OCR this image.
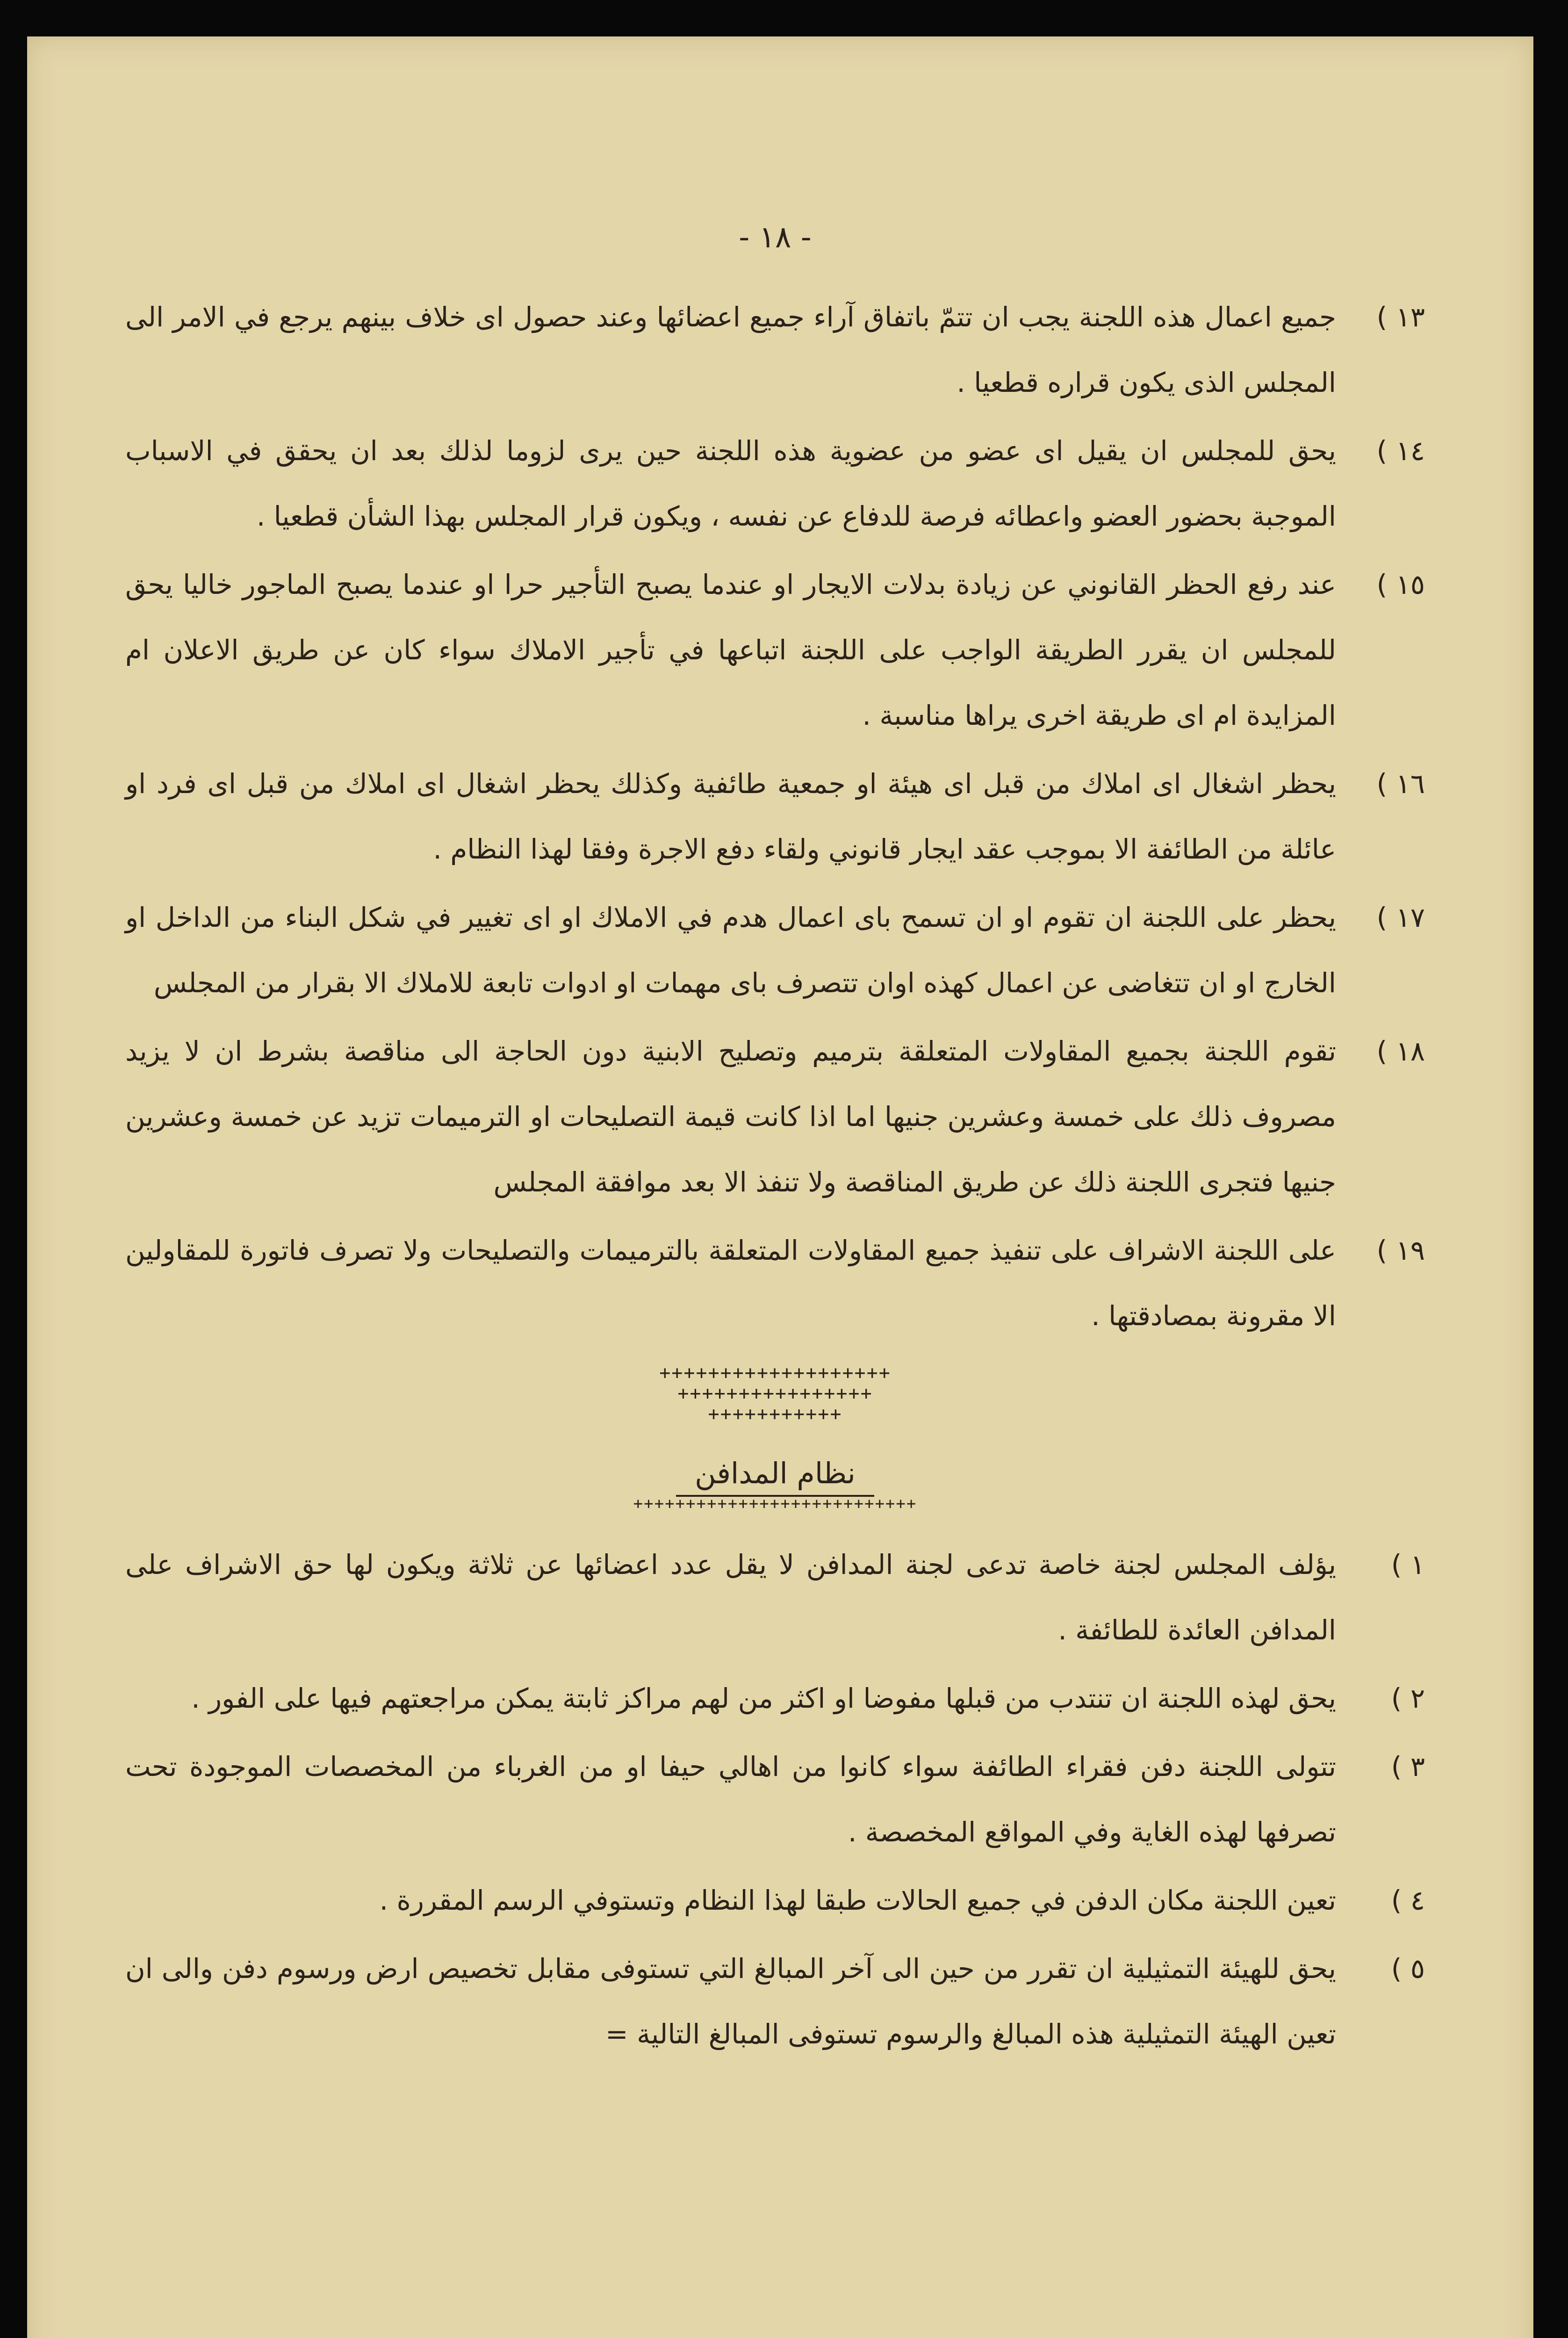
- ١٨ -
١٣ )
جميع اعمال هذه اللجنة يجب ان تتمّ باتفاق آراء جميع اعضائها وعند حصول اى خلاف بينهم يرجع في الامر الى المجلس الذى يكون قراره قطعيا .
١٤ )
يحق للمجلس ان يقيل اى عضو من عضوية هذه اللجنة حين يرى لزوما لذلك بعد ان يحقق في الاسباب الموجبة بحضور العضو واعطائه فرصة للدفاع عن نفسه ، ويكون قرار المجلس بهذا الشأن قطعيا .
١٥ )
عند رفع الحظر القانوني عن زيادة بدلات الايجار او عندما يصبح التأجير حرا او عندما يصبح الماجور خاليا يحق للمجلس ان يقرر الطريقة الواجب على اللجنة اتباعها في تأجير الاملاك سواء كان عن طريق الاعلان ام المزايدة ام اى طريقة اخرى يراها مناسبة .
١٦ )
يحظر اشغال اى املاك من قبل اى هيئة او جمعية طائفية وكذلك يحظر اشغال اى املاك من قبل اى فرد او عائلة من الطائفة الا بموجب عقد ايجار قانوني ولقاء دفع الاجرة وفقا لهذا النظام .
١٧ )
يحظر على اللجنة ان تقوم او ان تسمح باى اعمال هدم في الاملاك او اى تغيير في شكل البناء من الداخل او الخارج او ان تتغاضى عن اعمال كهذه اوان تتصرف باى مهمات او ادوات تابعة للاملاك الا بقرار من المجلس
١٨ )
تقوم اللجنة بجميع المقاولات المتعلقة بترميم وتصليح الابنية دون الحاجة الى مناقصة بشرط ان لا يزيد مصروف ذلك على خمسة وعشرين جنيها اما اذا كانت قيمة التصليحات او الترميمات تزيد عن خمسة وعشرين جنيها فتجرى اللجنة ذلك عن طريق المناقصة ولا تنفذ الا بعد موافقة المجلس
١٩ )
على اللجنة الاشراف على تنفيذ جميع المقاولات المتعلقة بالترميمات والتصليحات ولا تصرف فاتورة للمقاولين الا مقرونة بمصادقتها .
+++++++++++++++++++
++++++++++++++++
+++++++++++
نظام المدافن
+++++++++++++++++++++++++++
١ )
يؤلف المجلس لجنة خاصة تدعى لجنة المدافن لا يقل عدد اعضائها عن ثلاثة ويكون لها حق الاشراف على المدافن العائدة للطائفة .
٢ )
يحق لهذه اللجنة ان تنتدب من قبلها مفوضا او اكثر من لهم مراكز ثابتة يمكن مراجعتهم فيها على الفور .
٣ )
تتولى اللجنة دفن فقراء الطائفة سواء كانوا من اهالي حيفا او من الغرباء من المخصصات الموجودة تحت تصرفها لهذه الغاية وفي المواقع المخصصة .
٤ )
تعين اللجنة مكان الدفن في جميع الحالات طبقا لهذا النظام وتستوفي الرسم المقررة .
٥ )
يحق للهيئة التمثيلية ان تقرر من حين الى آخر المبالغ التي تستوفى مقابل تخصيص ارض ورسوم دفن والى ان تعين الهيئة التمثيلية هذه المبالغ والرسوم تستوفى المبالغ التالية =
